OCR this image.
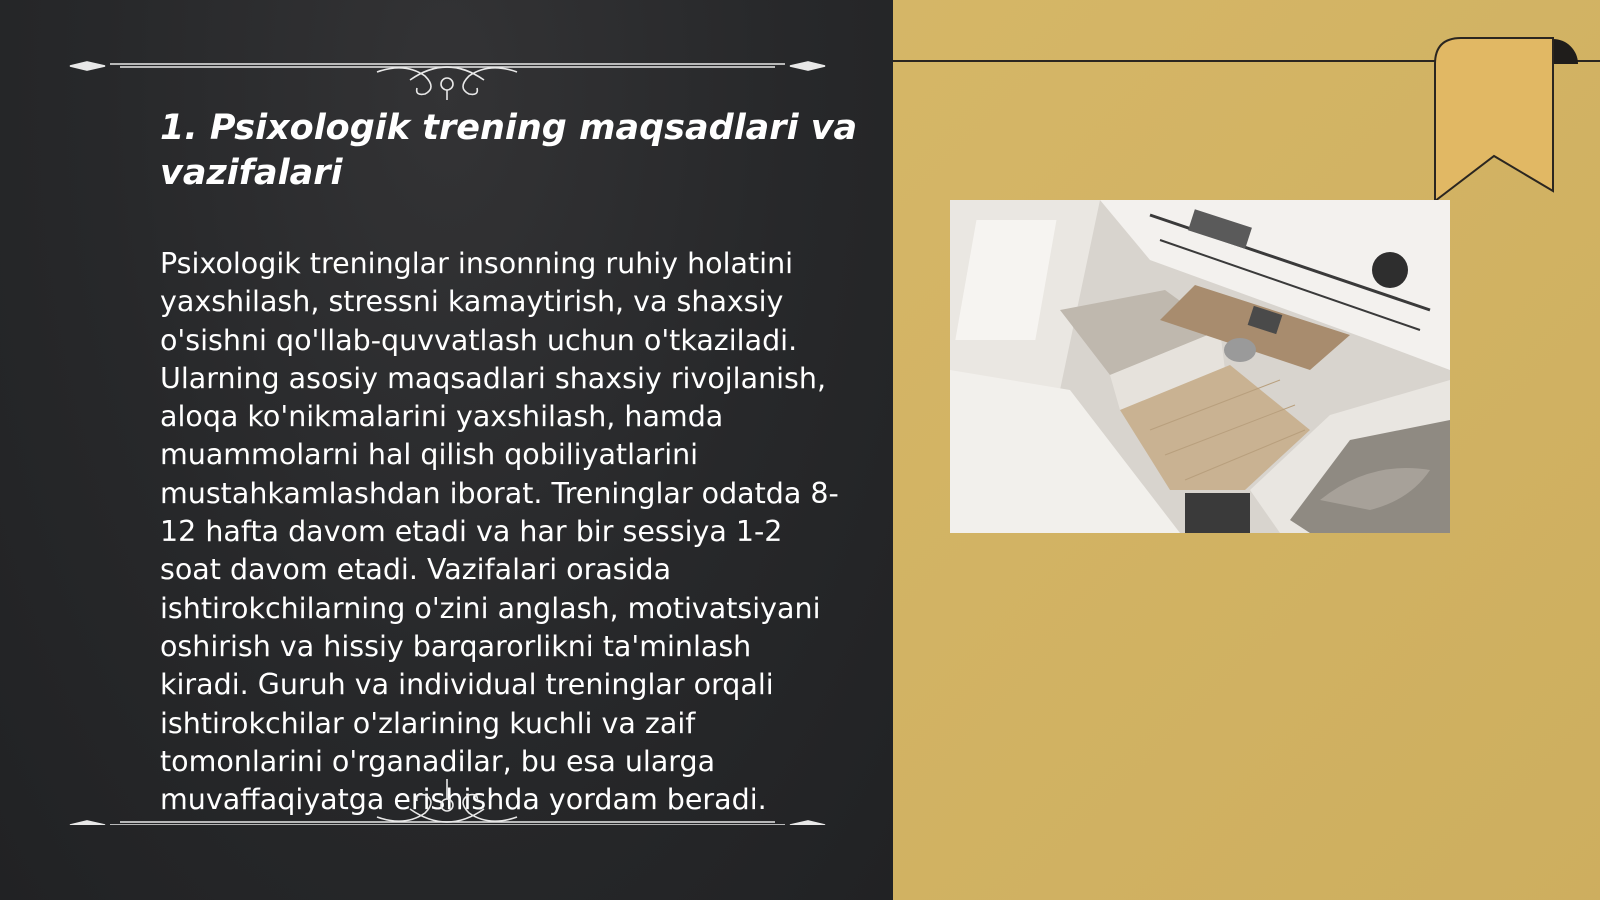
1. Psixologik trening maqsadlari va vazifalari

Psixologik treninglar insonning ruhiy holatini yaxshilash, stressni kamaytirish, va shaxsiy o'sishni qo'llab-quvvatlash uchun o'tkaziladi. Ularning asosiy maqsadlari shaxsiy rivojlanish, aloqa ko'nikmalarini yaxshilash, hamda muammolarni hal qilish qobiliyatlarini mustahkamlashdan iborat. Treninglar odatda 8-12 hafta davom etadi va har bir sessiya 1-2 soat davom etadi. Vazifalari orasida ishtirokchilarning o'zini anglash, motivatsiyani oshirish va hissiy barqarorlikni ta'minlash kiradi. Guruh va individual treninglar orqali ishtirokchilar o'zlarining kuchli va zaif tomonlarini o'rganadilar, bu esa ularga muvaffaqiyatga erishishda yordam beradi.
